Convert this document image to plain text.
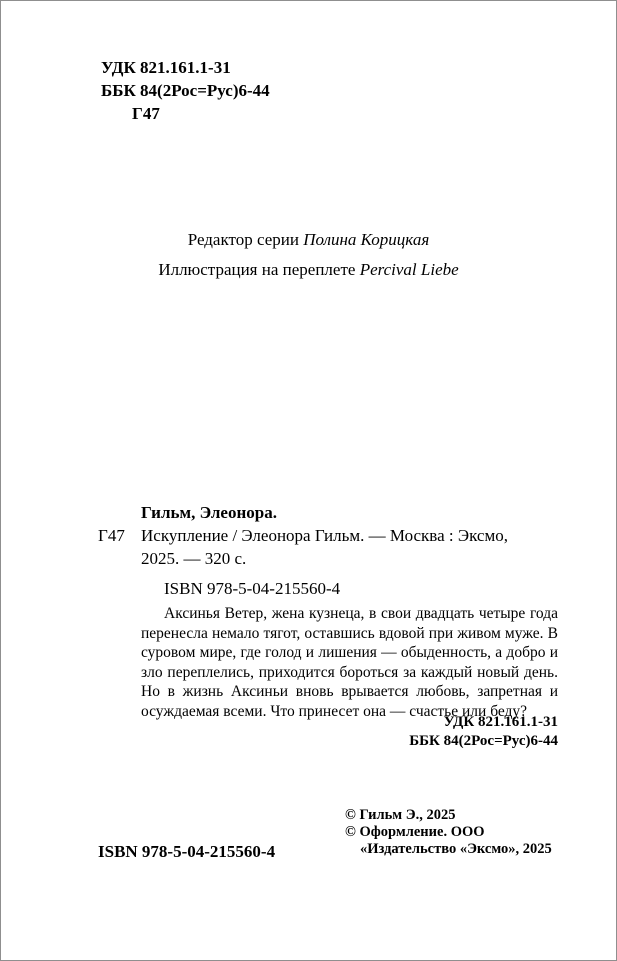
УДК 821.161.1-31
ББК 84(2Рос=Рус)6-44
Г47
Редактор серии Полина Корицкая
Иллюстрация на переплете Percival Liebe
Гильм, Элеонора.
Г47 Искупление / Элеонора Гильм. — Москва : Эксмо, 2025. — 320 с.
ISBN 978-5-04-215560-4
Аксинья Ветер, жена кузнеца, в свои двадцать четыре года перенесла немало тягот, оставшись вдовой при живом муже. В суровом мире, где голод и лишения — обыденность, а добро и зло переплелись, приходится бороться за каждый новый день. Но в жизнь Аксиньи вновь врывается любовь, запретная и осуждаемая всеми. Что принесет она — счастье или беду?
УДК 821.161.1-31
ББК 84(2Рос=Рус)6-44
© Гильм Э., 2025
© Оформление. ООО «Издательство «Эксмо», 2025
ISBN 978-5-04-215560-4
